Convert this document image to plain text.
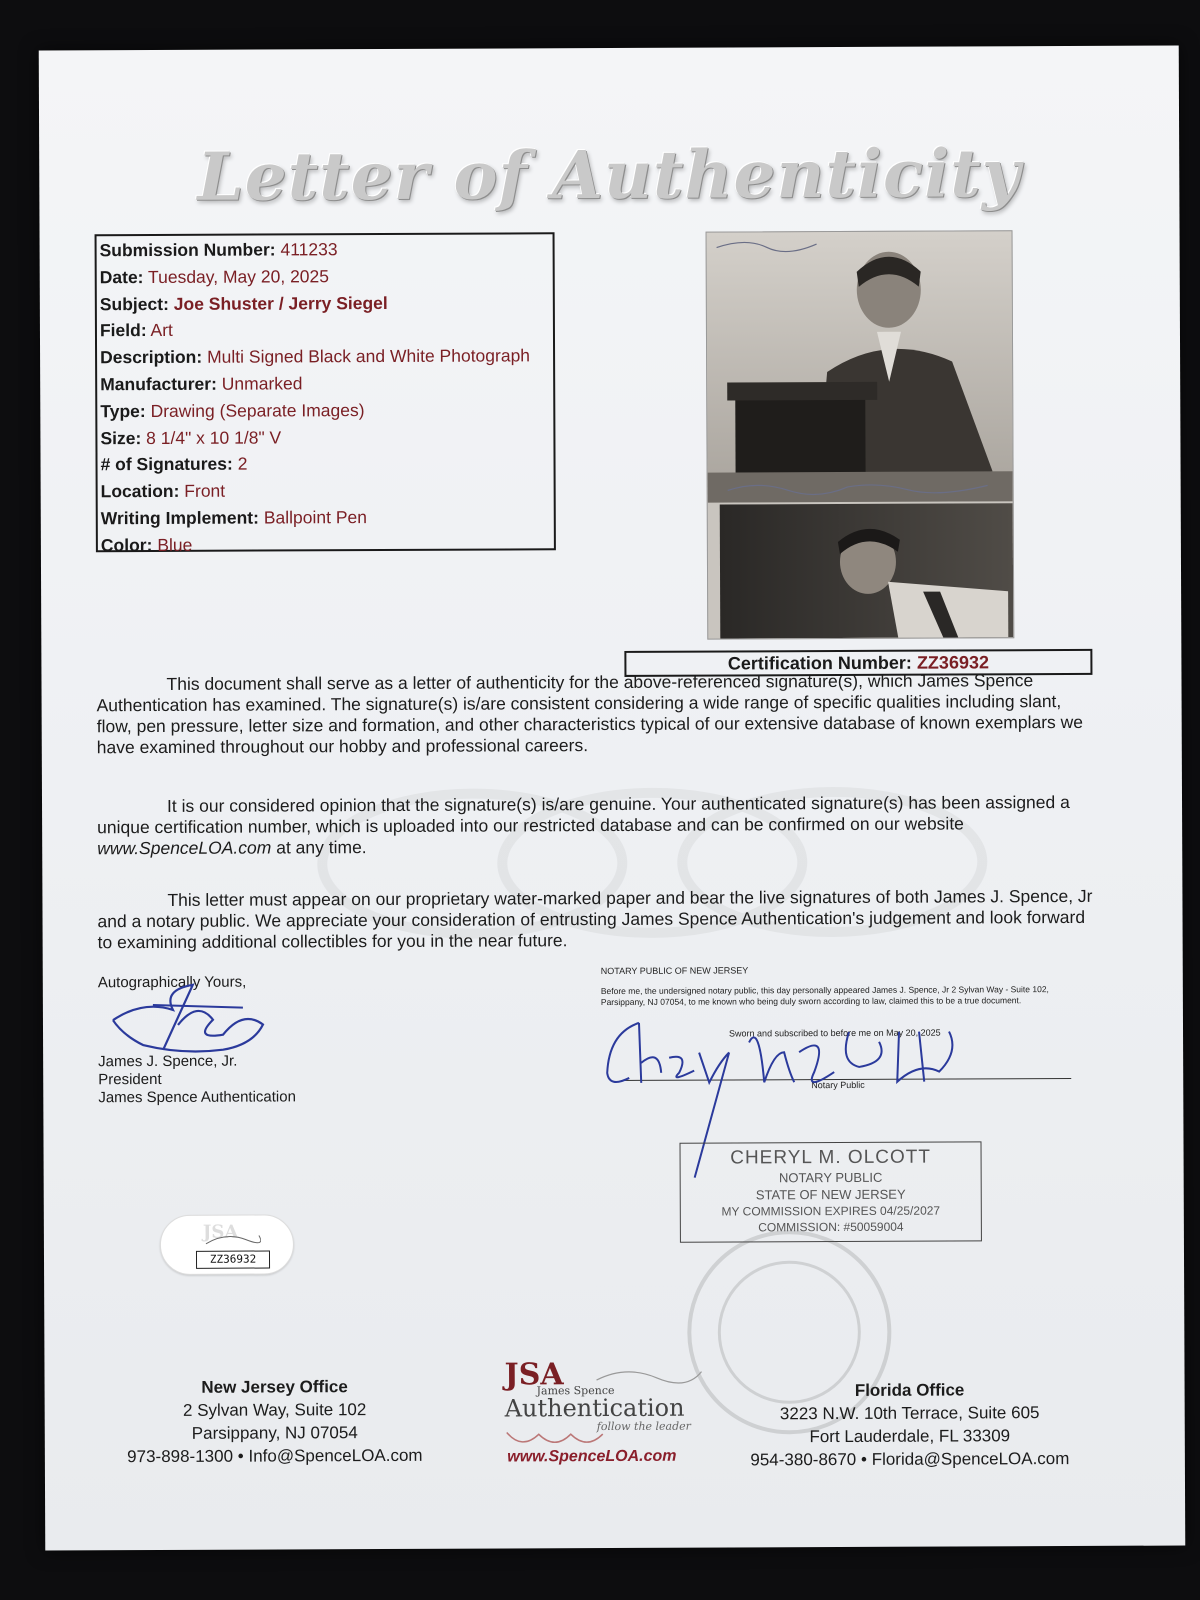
Letter of Authenticity
Submission Number: 411233
Date: Tuesday, May 20, 2025
Subject: Joe Shuster / Jerry Siegel
Field: Art
Description: Multi Signed Black and White Photograph
Manufacturer: Unmarked
Type: Drawing (Separate Images)
Size: 8 1/4" x 10 1/8" V
# of Signatures: 2
Location: Front
Writing Implement: Ballpoint Pen
Color: Blue
Certification Number: ZZ36932
This document shall serve as a letter of authenticity for the above-referenced signature(s), which James Spence Authentication has examined. The signature(s) is/are consistent considering a wide range of specific qualities including slant, flow, pen pressure, letter size and formation, and other characteristics typical of our extensive database of known exemplars we have examined throughout our hobby and professional careers.
It is our considered opinion that the signature(s) is/are genuine. Your authenticated signature(s) has been assigned a unique certification number, which is uploaded into our restricted database and can be confirmed on our website www.SpenceLOA.com at any time.
This letter must appear on our proprietary water-marked paper and bear the live signatures of both James J. Spence, Jr and a notary public. We appreciate your consideration of entrusting James Spence Authentication's judgement and look forward to examining additional collectibles for you in the near future.
Autographically Yours,
James J. Spence, Jr.
President
James Spence Authentication
NOTARY PUBLIC OF NEW JERSEY
Before me, the undersigned notary public, this day personally appeared James J. Spence, Jr 2 Sylvan Way - Suite 102, Parsippany, NJ 07054, to me known who being duly sworn according to law, claimed this to be a true document.
Sworn and subscribed to before me on May 20, 2025
Notary Public
CHERYL M. OLCOTT
NOTARY PUBLIC
STATE OF NEW JERSEY
MY COMMISSION EXPIRES 04/25/2027
COMMISSION: #50059004
JSA
ZZ36932
New Jersey Office
2 Sylvan Way, Suite 102
Parsippany, NJ 07054
973-898-1300 • Info@SpenceLOA.com
Florida Office
3223 N.W. 10th Terrace, Suite 605
Fort Lauderdale, FL 33309
954-380-8670 • Florida@SpenceLOA.com
JSA
James Spence
Authentication
follow the leader
www.SpenceLOA.com
